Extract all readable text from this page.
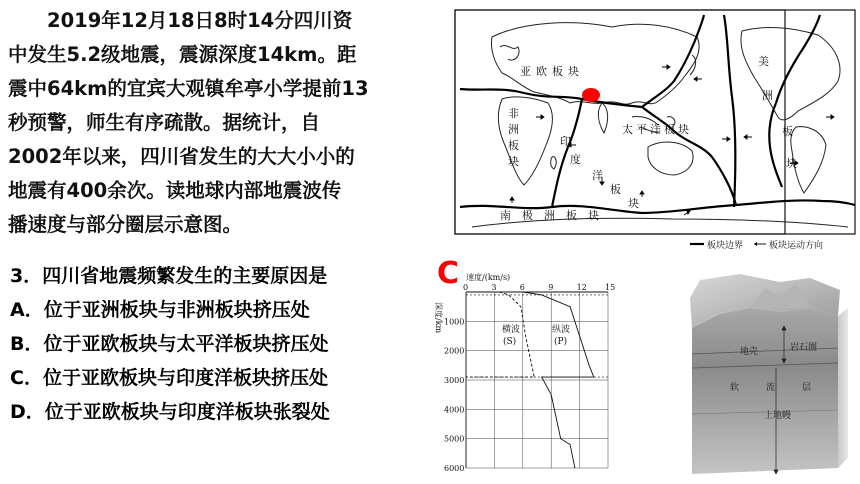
2019年12月18日8时14分四川资
中发生5.2级地震，震源深度14km。距
震中64km的宜宾大观镇牟亭小学提前13
秒预警，师生有序疏散。据统计，自
2002年以来，四川省发生的大大小小的
地震有400余次。读地球内部地震波传
播速度与部分圈层示意图。
3．四川省地震频繁发生的主要原因是
A．位于亚洲板块与非洲板块挤压处
B．位于亚欧板块与太平洋板块挤压处
C．位于亚欧板块与印度洋板块挤压处
D．位于亚欧板块与印度洋板块张裂处
C
亚 欧 板 块
美
洲
板
块
非
洲
板
块
印
度
洋
板
块
太 平 洋 板 块
南　极　洲　板　块
板块边界	板块运动方向
0	3	6	9	12 15
1000
2000
3000
4000
5000
6000
速度/(km/s)
深度/km	横波
(S)
纵波
(P)
地壳	岩石圈
软	流	层
上地幔
